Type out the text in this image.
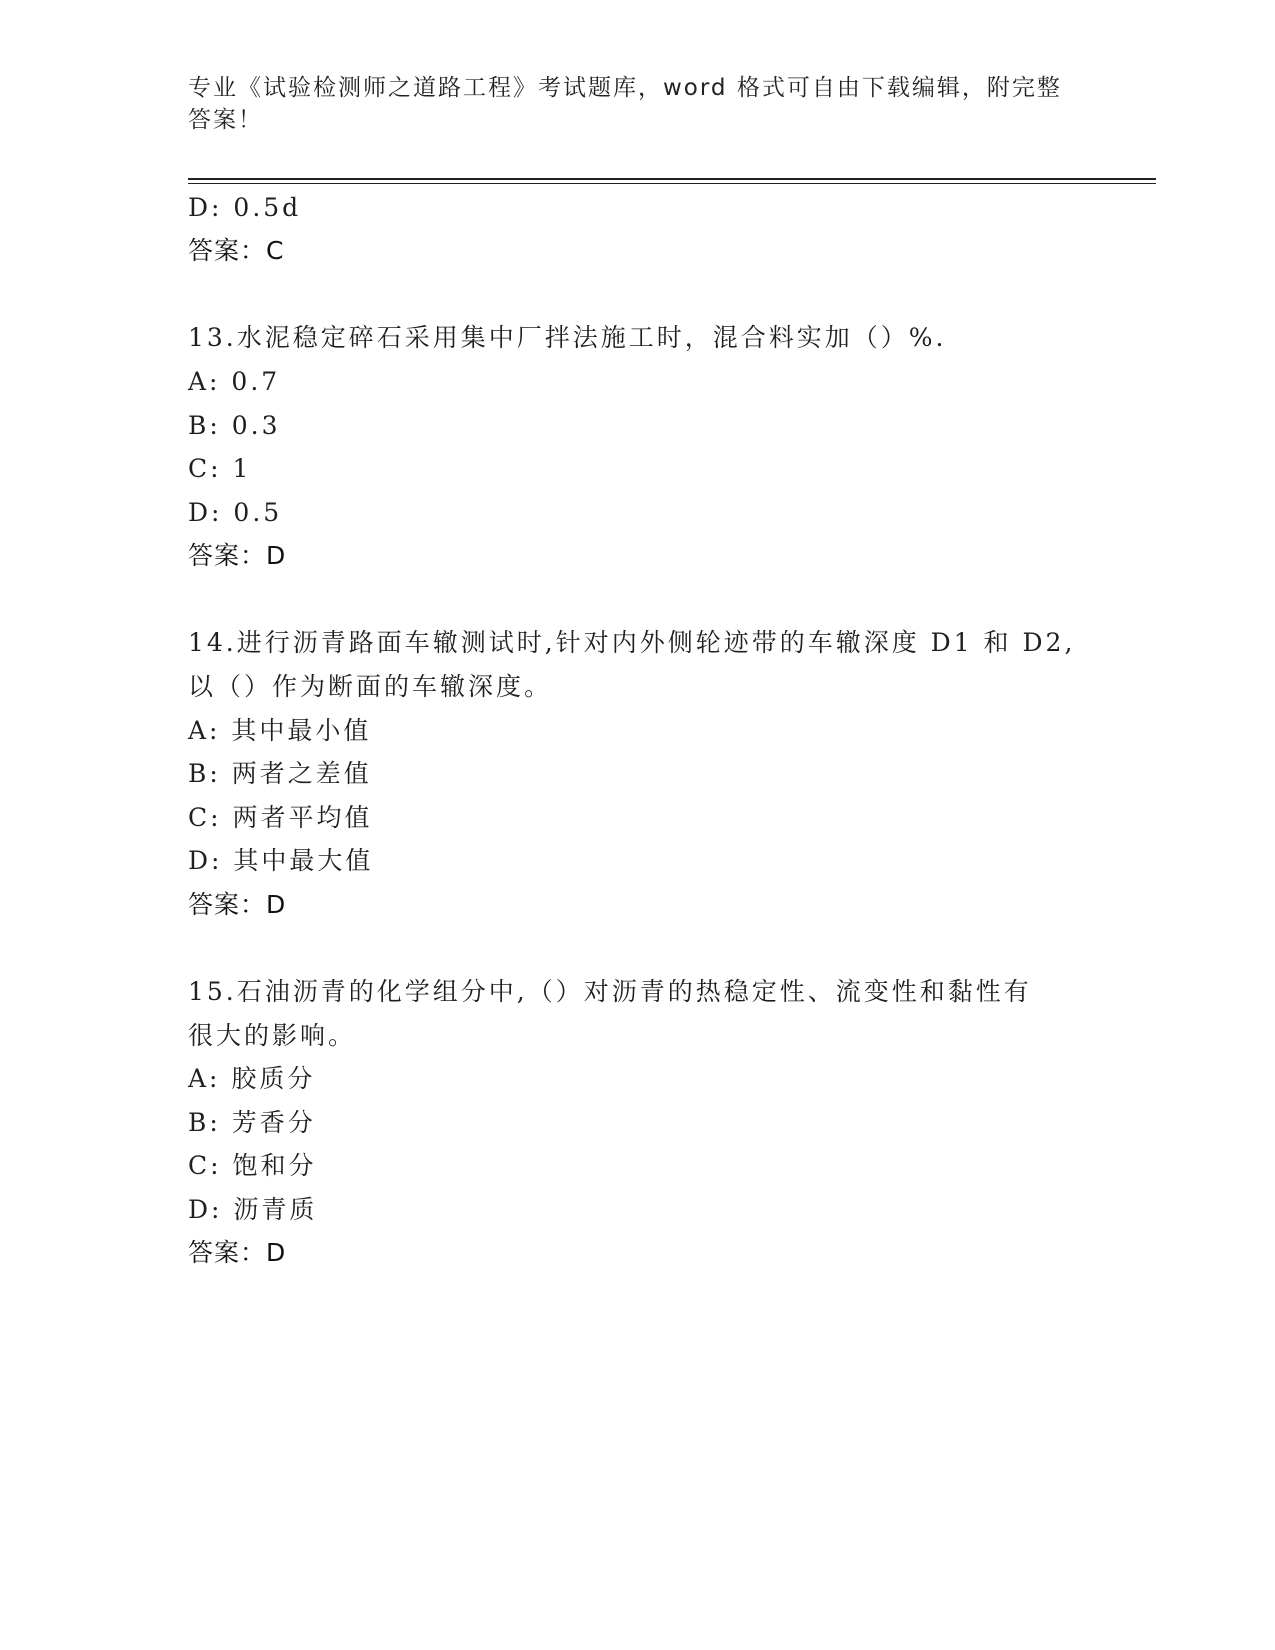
专业《试验检测师之道路工程》考试题库，word 格式可自由下载编辑，附完整答案！
D: 0.5d
答案：C
13.水泥稳定碎石采用集中厂拌法施工时，混合料实加（）%.
A: 0.7
B: 0.3
C: 1
D: 0.5
答案：D
14.进行沥青路面车辙测试时,针对内外侧轮迹带的车辙深度 D1 和 D2,
以（）作为断面的车辙深度。
A: 其中最小值
B: 两者之差值
C: 两者平均值
D: 其中最大值
答案：D
15.石油沥青的化学组分中,（）对沥青的热稳定性、流变性和黏性有
很大的影响。
A: 胶质分
B: 芳香分
C: 饱和分
D: 沥青质
答案：D
